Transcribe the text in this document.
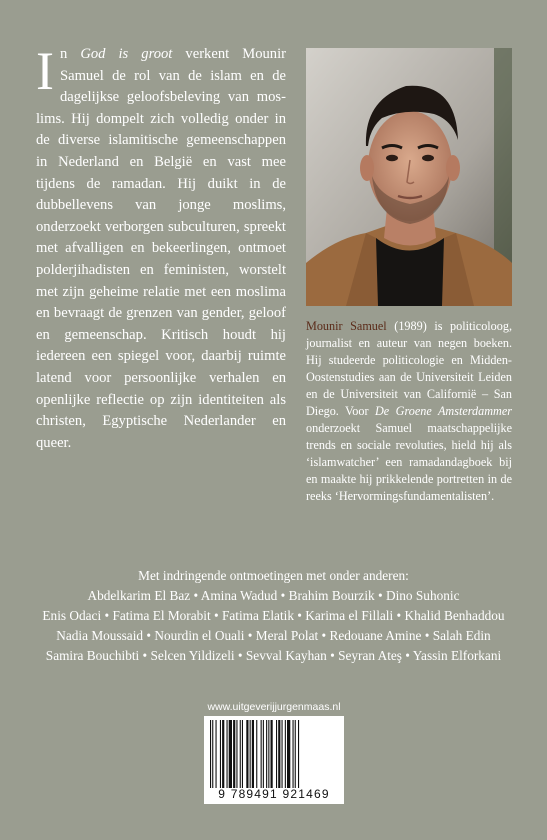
In God is groot verkent Mounir Samuel de rol van de islam en de dagelijkse geloofsbeleving van moslims. Hij dompelt zich volledig onder in de diverse islamitische gemeenschappen in Nederland en België en vast mee tijdens de ramadan. Hij duikt in de dubbellevens van jonge moslims, onderzoekt verborgen subculturen, spreekt met afvalligen en bekeerlingen, ontmoet polderjihadisten en feministen, worstelt met zijn geheime relatie met een moslima en bevraagt de grenzen van gender, geloof en gemeenschap. Kritisch houdt hij iedereen een spiegel voor, daarbij ruimte latend voor persoonlijke verhalen en openlijke reflectie op zijn identiteiten als christen, Egyptische Nederlander en queer.
Mounir Samuel (1989) is politicoloog, journalist en auteur van negen boeken. Hij studeerde politicologie en Midden-Oostenstudies aan de Universiteit Leiden en de Universiteit van Californië – San Diego. Voor De Groene Amsterdammer onderzoekt Samuel maatschappelijke trends en sociale revoluties, hield hij als ‘islamwatcher’ een ramadandagboek bij en maakte hij prikkelende portretten in de reeks ‘Hervormingsfundamentalisten’.
Met indringende ontmoetingen met onder anderen:
Abdelkarim El Baz • Amina Wadud • Brahim Bourzik • Dino Suhonic
Enis Odaci • Fatima El Morabit • Fatima Elatik • Karima el Fillali • Khalid Benhaddou
Nadia Moussaid • Nourdin el Ouali • Meral Polat • Redouane Amine • Salah Edin
Samira Bouchibti • Selcen Yildizeli • Sevval Kayhan • Seyran Ateş • Yassin Elforkani
www.uitgeverijjurgenmaas.nl
9 789491 921469
